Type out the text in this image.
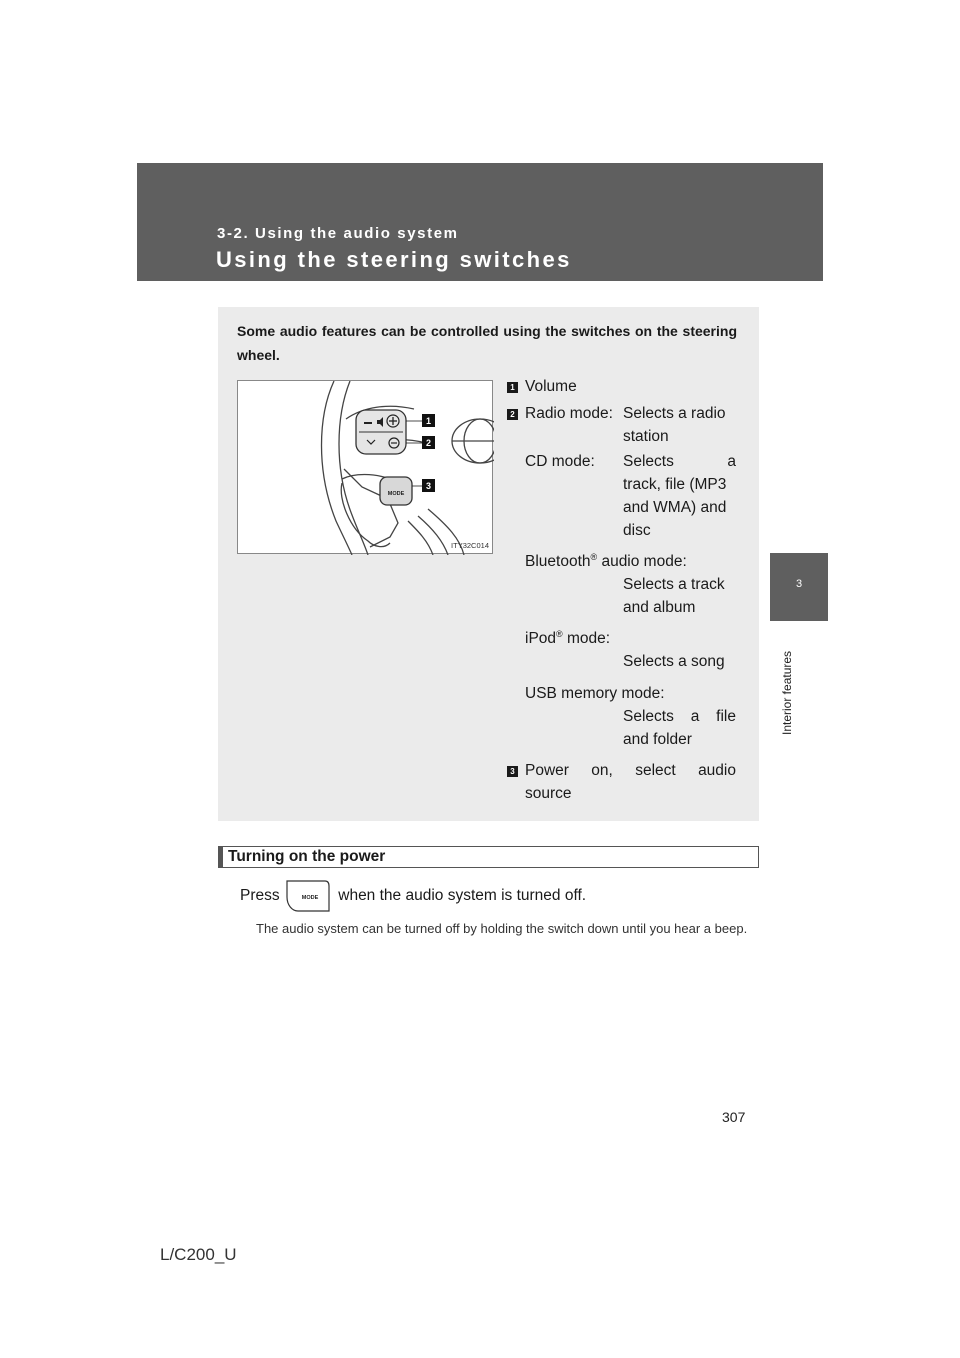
3-2. Using the audio system
Using the steering switches
3
Interior features
Some audio features can be controlled using the switches on the steering wheel.
MODE
1
2
3
ITY32C014
1 Volume
2 Radio mode: Selects a radio
station
CD mode: Selects a
track, file (MP3
and WMA) and
disc
Bluetooth® audio mode:
Selects a track
and album
iPod® mode:
Selects a song
USB memory mode:
Selects a file
and folder
3 Power on, select audio
source
Turning on the power
Press	when the audio system is turned off.
MODE
The audio system can be turned off by holding the switch down until you hear a beep.
307
L/C200_U
